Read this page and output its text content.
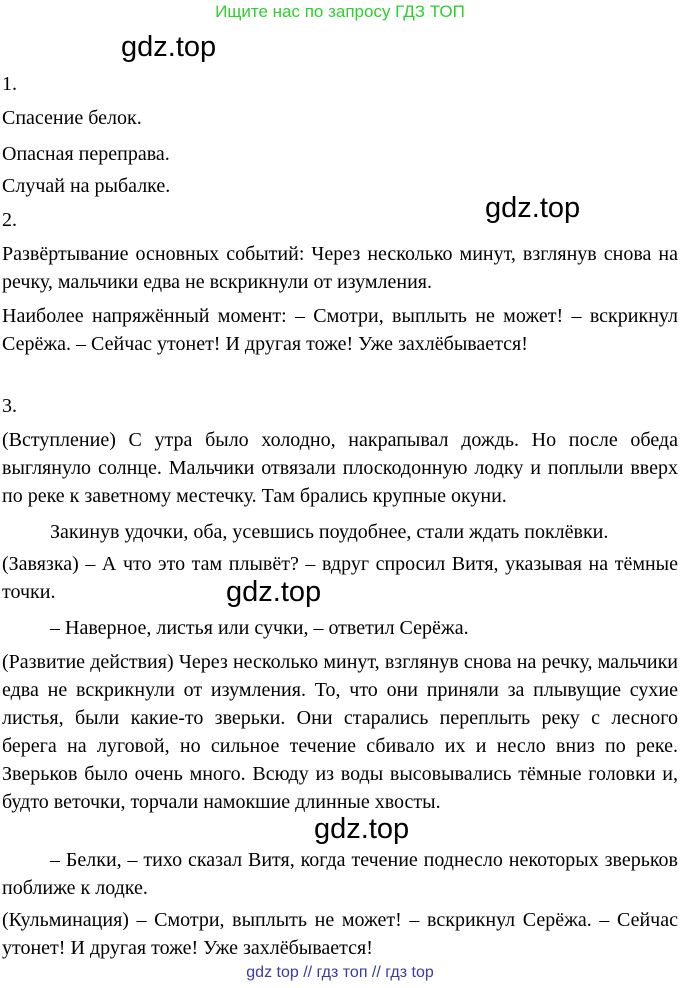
Ищите нас по запросу ГДЗ ТОП
gdz.top
1.
Спасение белок.
Опасная переправа.
Случай на рыбалке.
2.	gdz.top
Развёртывание основных событий: Через несколько минут, взглянув снова на речку, мальчики едва не вскрикнули от изумления.
Наиболее напряжённый момент: – Смотри, выплыть не может! – вскрикнул Серёжа. – Сейчас утонет! И другая тоже! Уже захлёбывается!
3.
(Вступление) С утра было холодно, накрапывал дождь. Но после обеда выглянуло солнце. Мальчики отвязали плоскодонную лодку и поплыли вверх по реке к заветному местечку. Там брались крупные окуни.
Закинув удочки, оба, усевшись поудобнее, стали ждать поклёвки.
(Завязка) – А что это там плывёт? – вдруг спросил Витя, указывая на тёмные точки.	gdz.top
– Наверное, листья или сучки, – ответил Серёжа.
(Развитие действия) Через несколько минут, взглянув снова на речку, мальчики едва не вскрикнули от изумления. То, что они приняли за плывущие сухие листья, были какие-то зверьки. Они старались переплыть реку с лесного берега на луговой, но сильное течение сбивало их и несло вниз по реке. Зверьков было очень много. Всюду из воды высовывались тёмные головки и, будто веточки, торчали намокшие длинные хвосты.
gdz.top
– Белки, – тихо сказал Витя, когда течение поднесло некоторых зверьков поближе к лодке.
(Кульминация) – Смотри, выплыть не может! – вскрикнул Серёжа. – Сейчас утонет! И другая тоже! Уже захлёбывается!
gdz top // гдз топ // гдз top
